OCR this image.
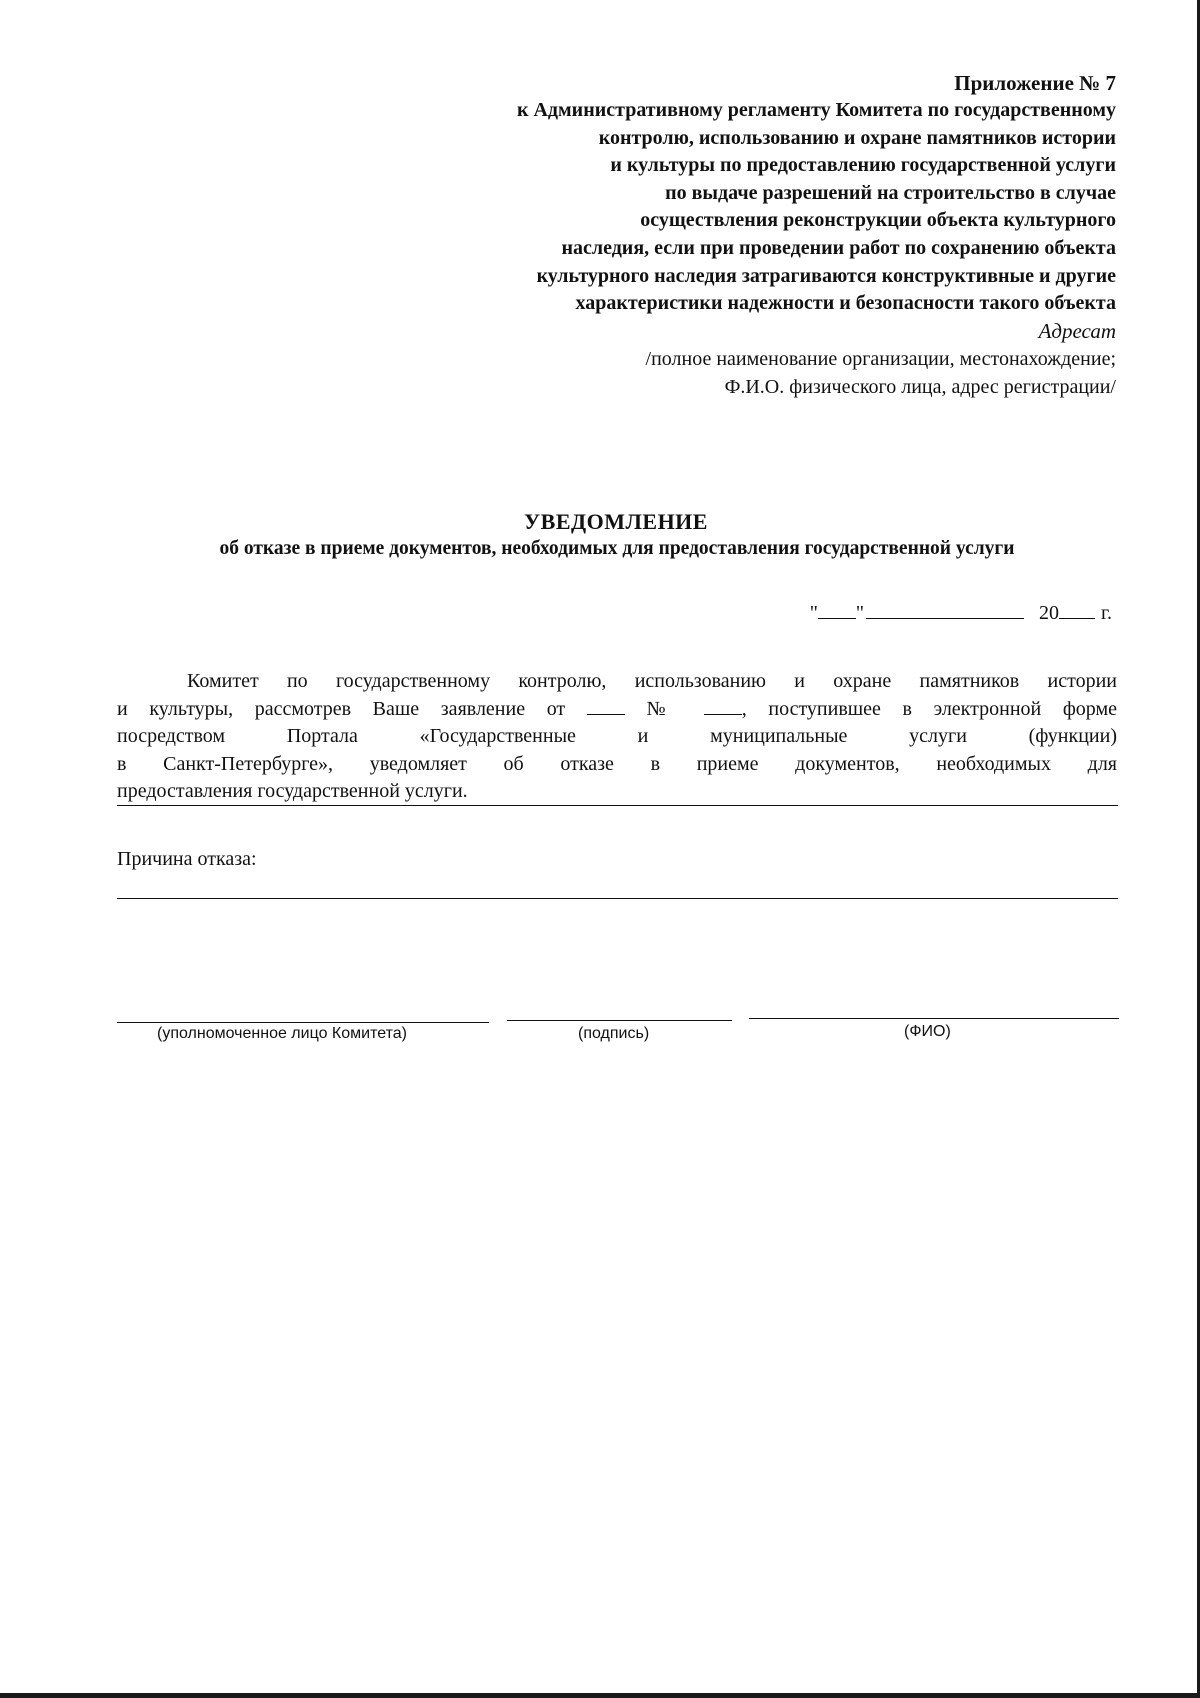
Приложение № 7
к Административному регламенту Комитета по государственному
контролю, использованию и охране памятников истории
и культуры по предоставлению государственной услуги
по выдаче разрешений на строительство в случае
осуществления реконструкции объекта культурного
наследия, если при проведении работ по сохранению объекта
культурного наследия затрагиваются конструктивные и другие
характеристики надежности и безопасности такого объекта
Адресат
/полное наименование организации, местонахождение;
Ф.И.О. физического лица, адрес регистрации/
УВЕДОМЛЕНИЕ
об отказе в приеме документов, необходимых для предоставления государственной услуги
" "	20 г.
Комитет по государственному контролю, использованию и охране памятников истории
и культуры, рассмотрев Ваше заявление от	№	, поступившее в электронной форме
посредством Портала «Государственные и муниципальные услуги (функции)
в Санкт-Петербурге», уведомляет об отказе в приеме документов, необходимых для
предоставления государственной услуги.
Причина отказа:
(уполномоченное лицо Комитета)	(подпись)	(ФИО)
